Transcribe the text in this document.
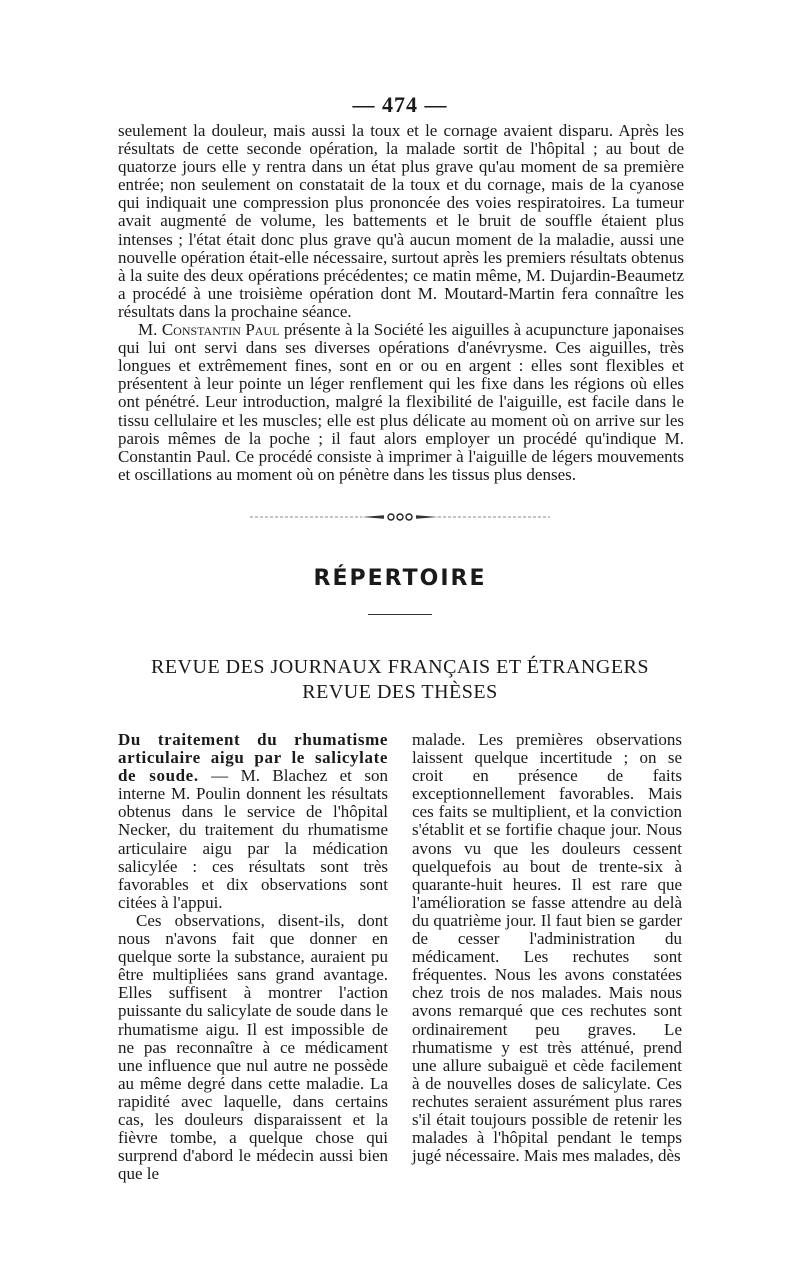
— 474 —

seulement la douleur, mais aussi la toux et le cornage avaient disparu. Après les résultats de cette seconde opération, la malade sortit de l'hôpital ; au bout de quatorze jours elle y rentra dans un état plus grave qu'au moment de sa première entrée; non seulement on constatait de la toux et du cornage, mais de la cyanose qui indiquait une compression plus prononcée des voies respiratoires. La tumeur avait augmenté de volume, les battements et le bruit de souffle étaient plus intenses ; l'état était donc plus grave qu'à aucun moment de la maladie, aussi une nouvelle opération était-elle nécessaire, surtout après les premiers résultats obtenus à la suite des deux opérations précédentes; ce matin même, M. Dujardin-Beaumetz a procédé à une troisième opération dont M. Moutard-Martin fera connaître les résultats dans la prochaine séance.

M. Constantin Paul présente à la Société les aiguilles à acupuncture japonaises qui lui ont servi dans ses diverses opérations d'anévrysme. Ces aiguilles, très longues et extrêmement fines, sont en or ou en argent : elles sont flexibles et présentent à leur pointe un léger renflement qui les fixe dans les régions où elles ont pénétré. Leur introduction, malgré la flexibilité de l'aiguille, est facile dans le tissu cellulaire et les muscles; elle est plus délicate au moment où on arrive sur les parois mêmes de la poche ; il faut alors employer un procédé qu'indique M. Constantin Paul. Ce procédé consiste à imprimer à l'aiguille de légers mouvements et oscillations au moment où on pénètre dans les tissus plus denses.

RÉPERTOIRE
REVUE DES JOURNAUX FRANÇAIS ET ÉTRANGERS
REVUE DES THÈSES

Du traitement du rhumatisme articulaire aigu par le salicylate de soude. — M. Blachez et son interne M. Poulin donnent les résultats obtenus dans le service de l'hôpital Necker, du traitement du rhumatisme articulaire aigu par la médication salicylée : ces résultats sont très favorables et dix observations sont citées à l'appui.

Ces observations, disent-ils, dont nous n'avons fait que donner en quelque sorte la substance, auraient pu être multipliées sans grand avantage. Elles suffisent à montrer l'action puissante du salicylate de soude dans le rhumatisme aigu. Il est impossible de ne pas reconnaître à ce médicament une influence que nul autre ne possède au même degré dans cette maladie. La rapidité avec laquelle, dans certains cas, les douleurs disparaissent et la fièvre tombe, a quelque chose qui surprend d'abord le médecin aussi bien que le

malade. Les premières observations laissent quelque incertitude ; on se croit en présence de faits exceptionnellement favorables. Mais ces faits se multiplient, et la conviction s'établit et se fortifie chaque jour. Nous avons vu que les douleurs cessent quelquefois au bout de trente-six à quarante-huit heures. Il est rare que l'amélioration se fasse attendre au delà du quatrième jour. Il faut bien se garder de cesser l'administration du médicament. Les rechutes sont fréquentes. Nous les avons constatées chez trois de nos malades. Mais nous avons remarqué que ces rechutes sont ordinairement peu graves. Le rhumatisme y est très atténué, prend une allure subaiguë et cède facilement à de nouvelles doses de salicylate. Ces rechutes seraient assurément plus rares s'il était toujours possible de retenir les malades à l'hôpital pendant le temps jugé nécessaire. Mais mes malades, dès
